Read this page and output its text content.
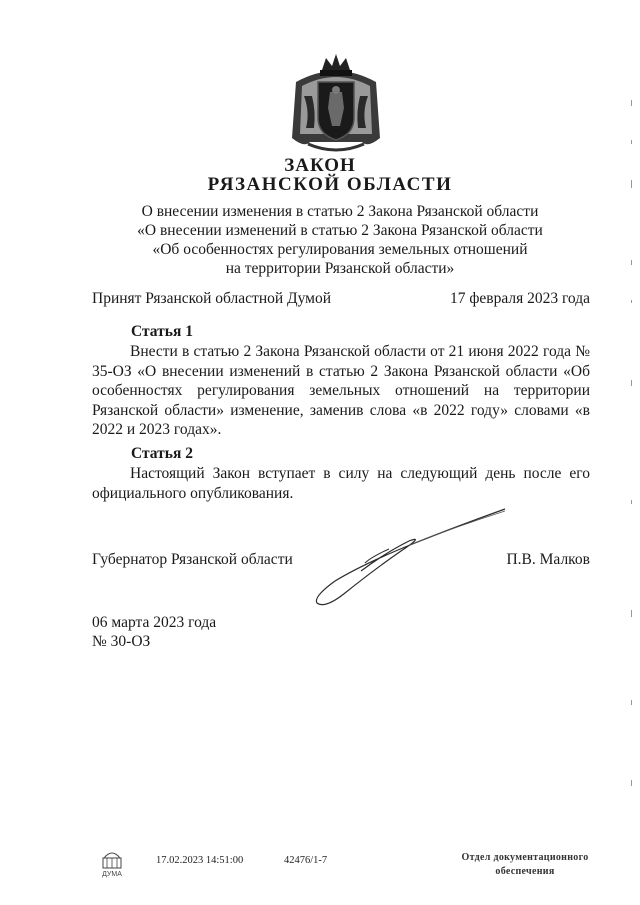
ЗАКОН
РЯЗАНСКОЙ ОБЛАСТИ
О внесении изменения в статью 2 Закона Рязанской области
«О внесении изменений в статью 2 Закона Рязанской области
«Об особенностях регулирования земельных отношений
на территории Рязанской области»
Принят Рязанской областной Думой	17 февраля 2023 года
Статья 1
Внести в статью 2 Закона Рязанской области от 21 июня 2022 года № 35-ОЗ «О внесении изменений в статью 2 Закона Рязанской области «Об особенностях регулирования земельных отношений на территории Рязанской области» изменение, заменив слова «в 2022 году» словами «в 2022 и 2023 годах».
Статья 2
Настоящий Закон вступает в силу на следующий день после его официального опубликования.
Губернатор Рязанской области	П.В. Малков
06 марта 2023 года
№ 30-ОЗ
ДУМА
17.02.2023 14:51:00	42476/1-7	Отдел документационного
обеспечения
